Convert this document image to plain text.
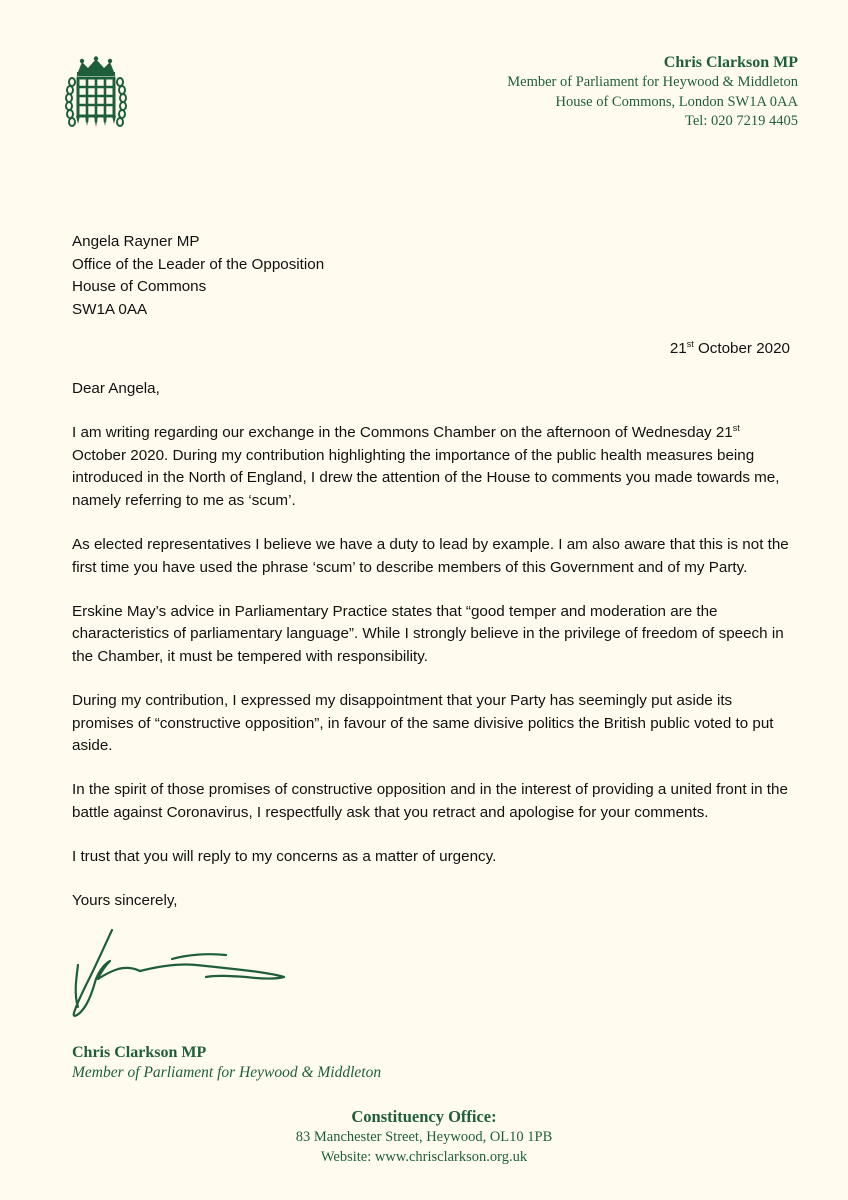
Chris Clarkson MP
Member of Parliament for Heywood & Middleton
House of Commons, London SW1A 0AA
Tel: 020 7219 4405
Angela Rayner MP
Office of the Leader of the Opposition
House of Commons
SW1A 0AA
21st October 2020

Dear Angela,

I am writing regarding our exchange in the Commons Chamber on the afternoon of Wednesday 21st October 2020. During my contribution highlighting the importance of the public health measures being introduced in the North of England, I drew the attention of the House to comments you made towards me, namely referring to me as ‘scum’.

As elected representatives I believe we have a duty to lead by example. I am also aware that this is not the first time you have used the phrase ‘scum’ to describe members of this Government and of my Party.

Erskine May’s advice in Parliamentary Practice states that “good temper and moderation are the characteristics of parliamentary language”. While I strongly believe in the privilege of freedom of speech in the Chamber, it must be tempered with responsibility.

During my contribution, I expressed my disappointment that your Party has seemingly put aside its promises of “constructive opposition”, in favour of the same divisive politics the British public voted to put aside.

In the spirit of those promises of constructive opposition and in the interest of providing a united front in the battle against Coronavirus, I respectfully ask that you retract and apologise for your comments.

I trust that you will reply to my concerns as a matter of urgency.

Yours sincerely,

Chris Clarkson MP
Member of Parliament for Heywood & Middleton
Constituency Office:
83 Manchester Street, Heywood, OL10 1PB
Website: www.chrisclarkson.org.uk
